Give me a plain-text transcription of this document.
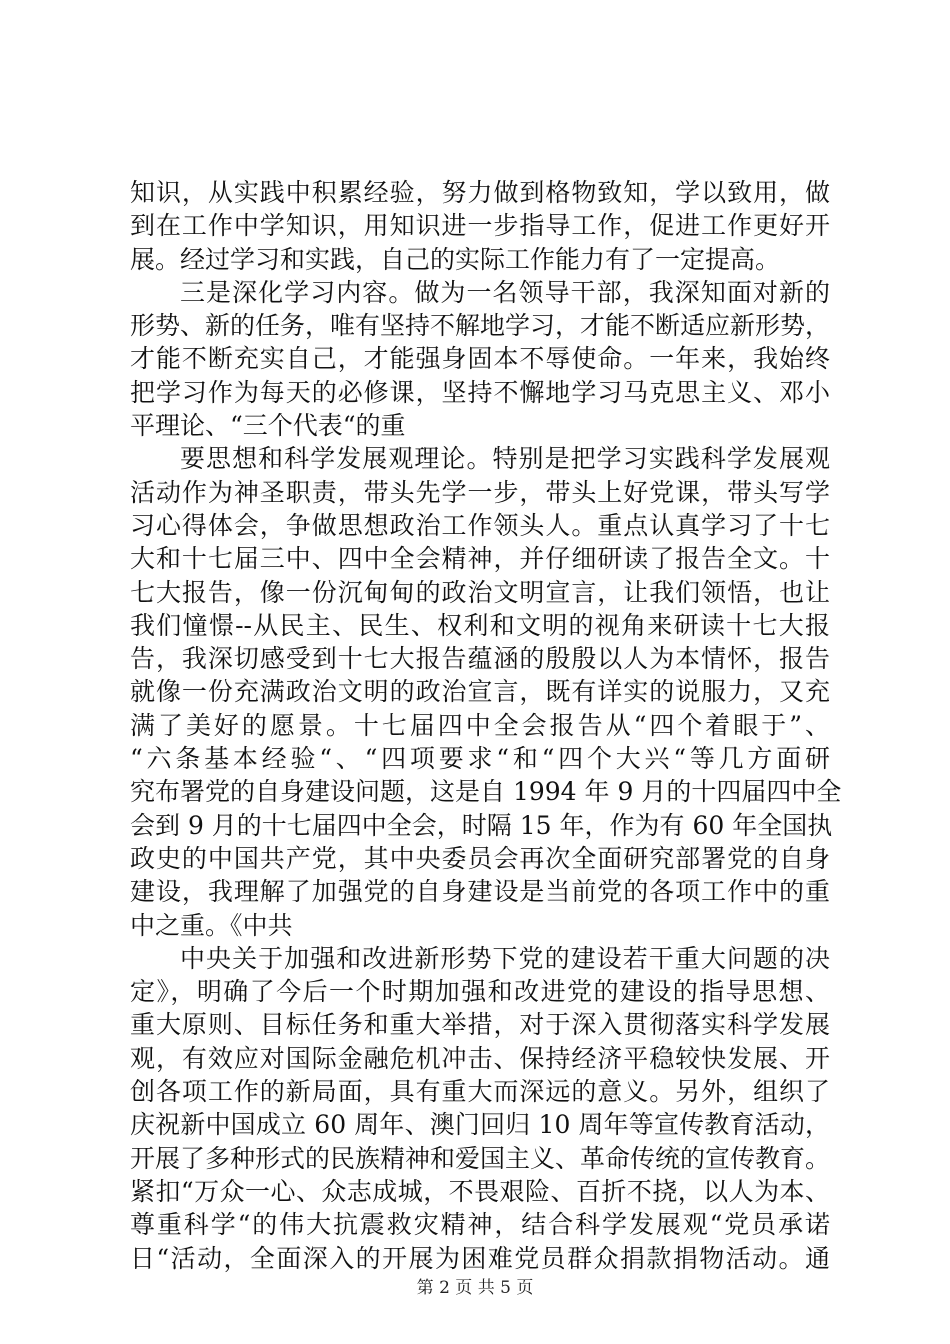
知识，从实践中积累经验，努力做到格物致知，学以致用，做
到在工作中学知识，用知识进一步指导工作，促进工作更好开
展。经过学习和实践，自己的实际工作能力有了一定提高。
三是深化学习内容。做为一名领导干部，我深知面对新的
形势、新的任务，唯有坚持不解地学习，才能不断适应新形势，
才能不断充实自己，才能强身固本不辱使命。一年来，我始终
把学习作为每天的必修课，坚持不懈地学习马克思主义、邓小
平理论、“三个代表“的重
要思想和科学发展观理论。特别是把学习实践科学发展观
活动作为神圣职责，带头先学一步，带头上好党课，带头写学
习心得体会，争做思想政治工作领头人。重点认真学习了十七
大和十七届三中、四中全会精神，并仔细研读了报告全文。十
七大报告，像一份沉甸甸的政治文明宣言，让我们领悟，也让
我们憧憬--从民主、民生、权利和文明的视角来研读十七大报
告，我深切感受到十七大报告蕴涵的殷殷以人为本情怀，报告
就像一份充满政治文明的政治宣言，既有详实的说服力，又充
满了美好的愿景。十七届四中全会报告从“四个着眼于”、
“六条基本经验“、“四项要求“和“四个大兴“等几方面研
究布署党的自身建设问题，这是自 1994 年 9 月的十四届四中全
会到 9 月的十七届四中全会，时隔 15 年，作为有 60 年全国执
政史的中国共产党，其中央委员会再次全面研究部署党的自身
建设，我理解了加强党的自身建设是当前党的各项工作中的重
中之重。《中共
中央关于加强和改进新形势下党的建设若干重大问题的决
定》，明确了今后一个时期加强和改进党的建设的指导思想、
重大原则、目标任务和重大举措，对于深入贯彻落实科学发展
观，有效应对国际金融危机冲击、保持经济平稳较快发展、开
创各项工作的新局面，具有重大而深远的意义。另外，组织了
庆祝新中国成立 60 周年、澳门回归 10 周年等宣传教育活动，
开展了多种形式的民族精神和爱国主义、革命传统的宣传教育。
紧扣“万众一心、众志成城，不畏艰险、百折不挠，以人为本、
尊重科学“的伟大抗震救灾精神，结合科学发展观“党员承诺
日“活动，全面深入的开展为困难党员群众捐款捐物活动。通
第 2 页 共 5 页
